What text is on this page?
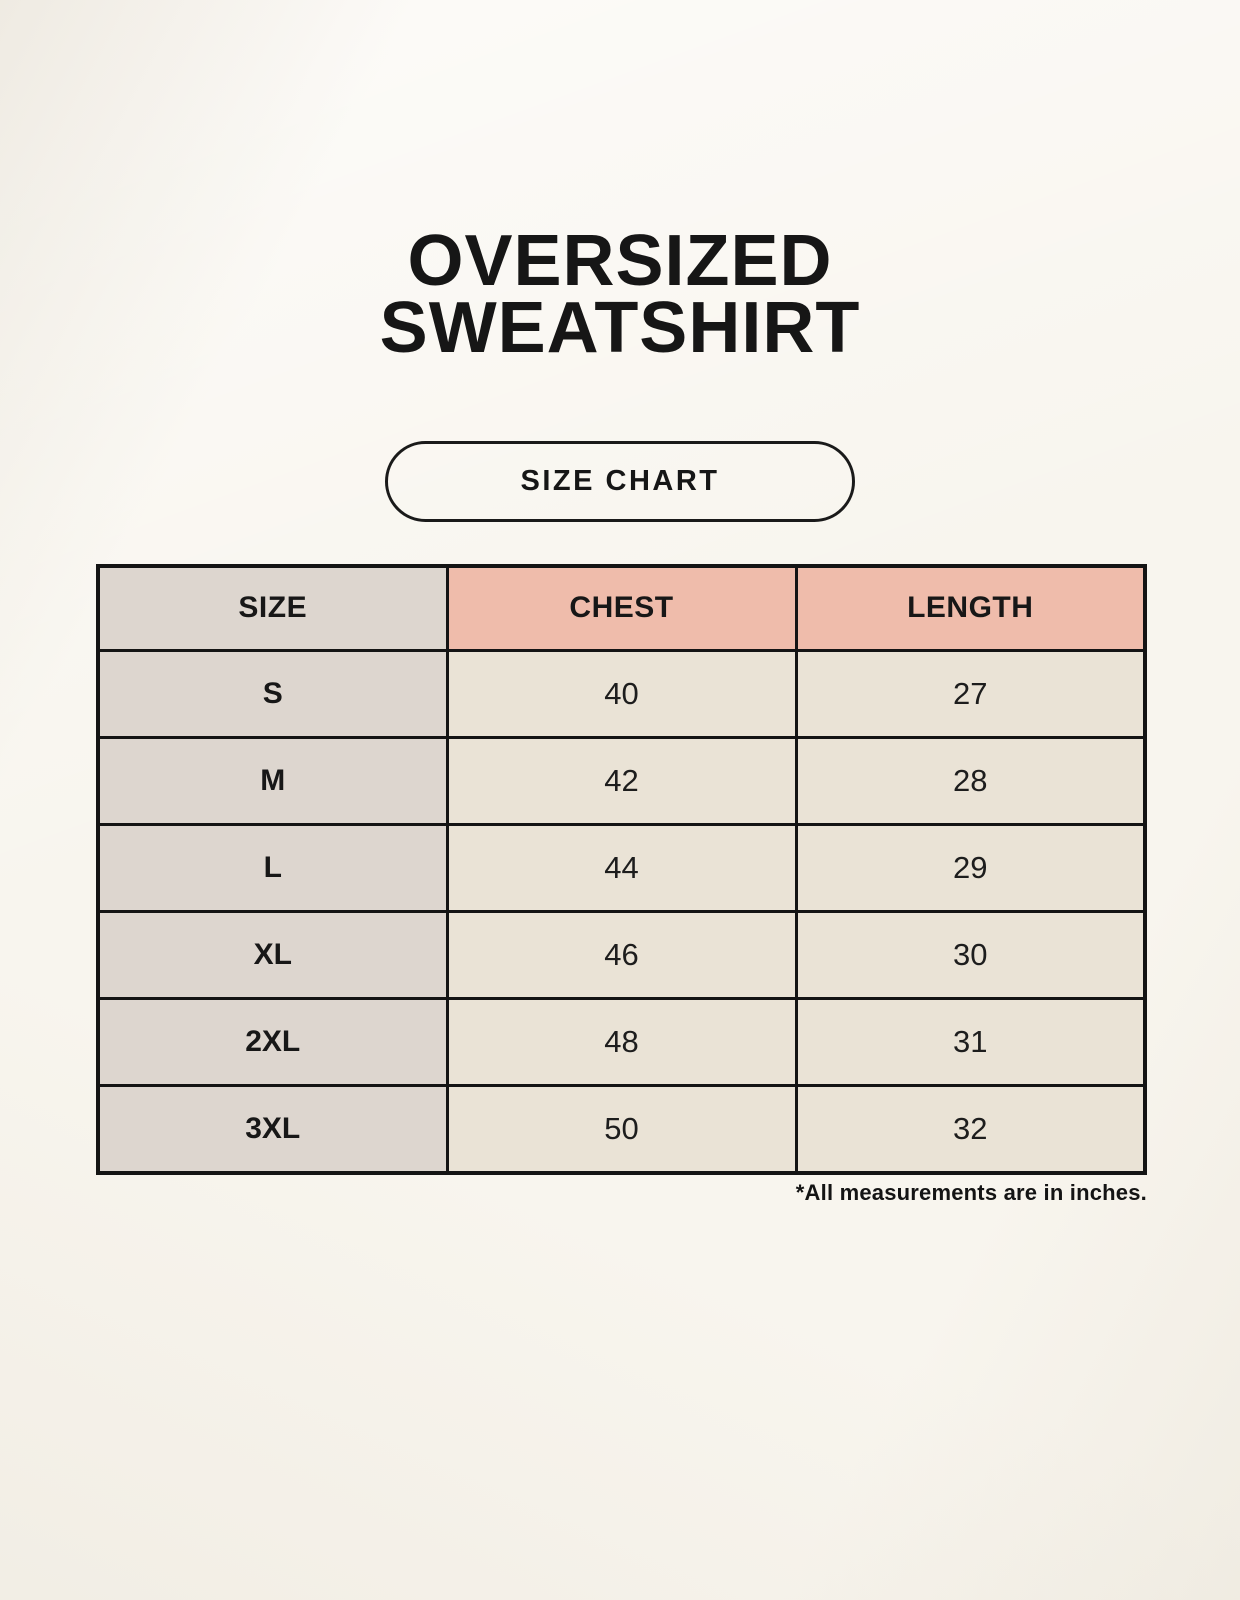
OVERSIZED
SWEATSHIRT
SIZE CHART
SIZE	CHEST	LENGTH
S	40	27
M	42	28
L	44	29
XL	46	30
2XL	48	31
3XL	50	32
*All measurements are in inches.
